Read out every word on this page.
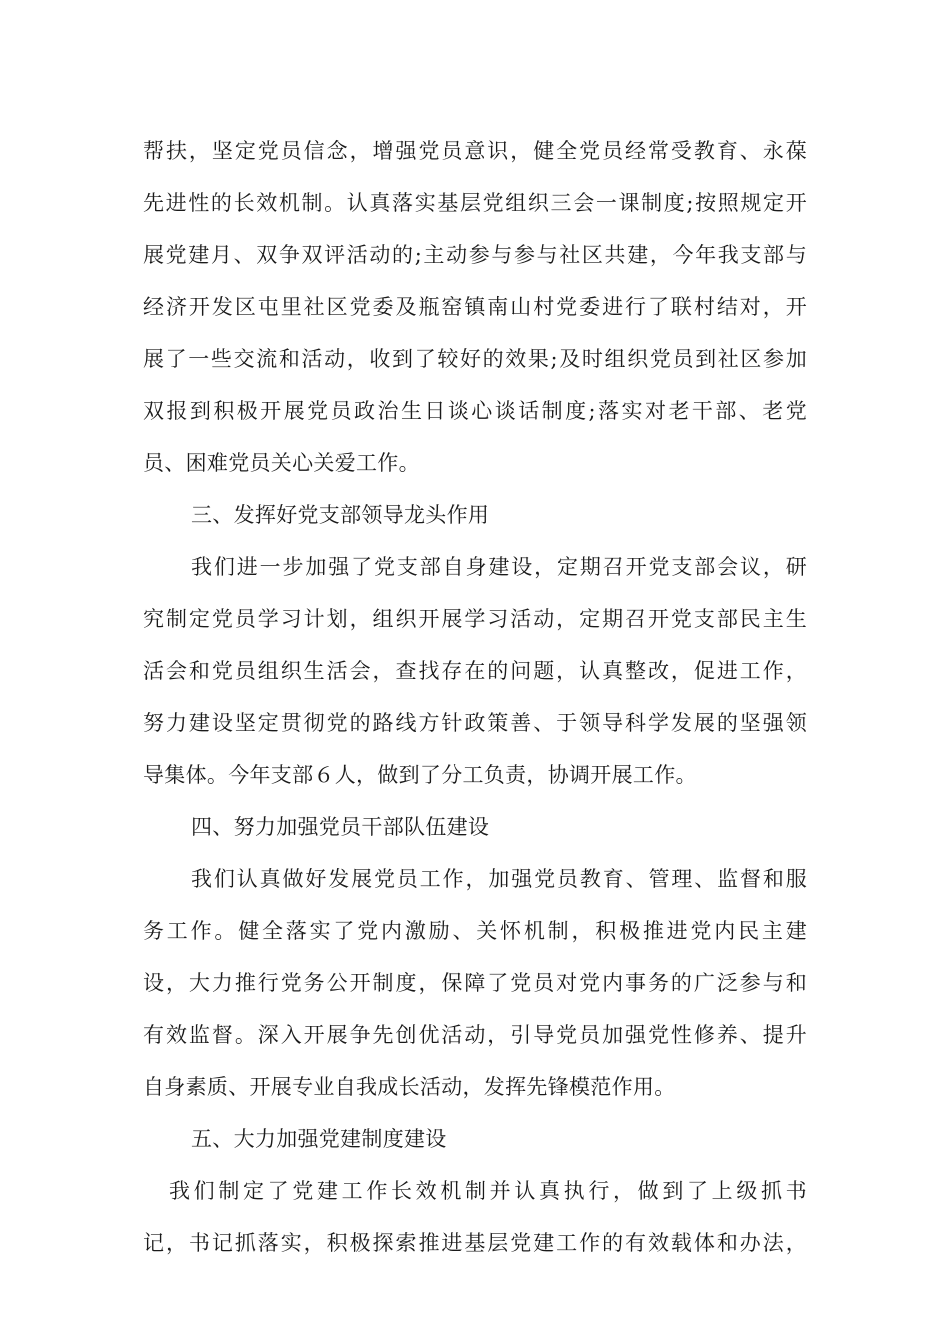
帮扶，坚定党员信念，增强党员意识，健全党员经常受教育、永葆
先进性的长效机制。认真落实基层党组织三会一课制度;按照规定开
展党建月、双争双评活动的;主动参与参与社区共建，今年我支部与
经济开发区屯里社区党委及瓶窑镇南山村党委进行了联村结对，开
展了一些交流和活动，收到了较好的效果;及时组织党员到社区参加
双报到积极开展党员政治生日谈心谈话制度;落实对老干部、老党
员、困难党员关心关爱工作。
三、发挥好党支部领导龙头作用
我们进一步加强了党支部自身建设，定期召开党支部会议，研
究制定党员学习计划，组织开展学习活动，定期召开党支部民主生
活会和党员组织生活会，查找存在的问题，认真整改，促进工作，
努力建设坚定贯彻党的路线方针政策善、于领导科学发展的坚强领
导集体。今年支部６人，做到了分工负责，协调开展工作。
四、努力加强党员干部队伍建设
我们认真做好发展党员工作，加强党员教育、管理、监督和服
务工作。健全落实了党内激励、关怀机制，积极推进党内民主建
设，大力推行党务公开制度，保障了党员对党内事务的广泛参与和
有效监督。深入开展争先创优活动，引导党员加强党性修养、提升
自身素质、开展专业自我成长活动，发挥先锋模范作用。
五、大力加强党建制度建设
我们制定了党建工作长效机制并认真执行，做到了上级抓书
记，书记抓落实，积极探索推进基层党建工作的有效载体和办法，
